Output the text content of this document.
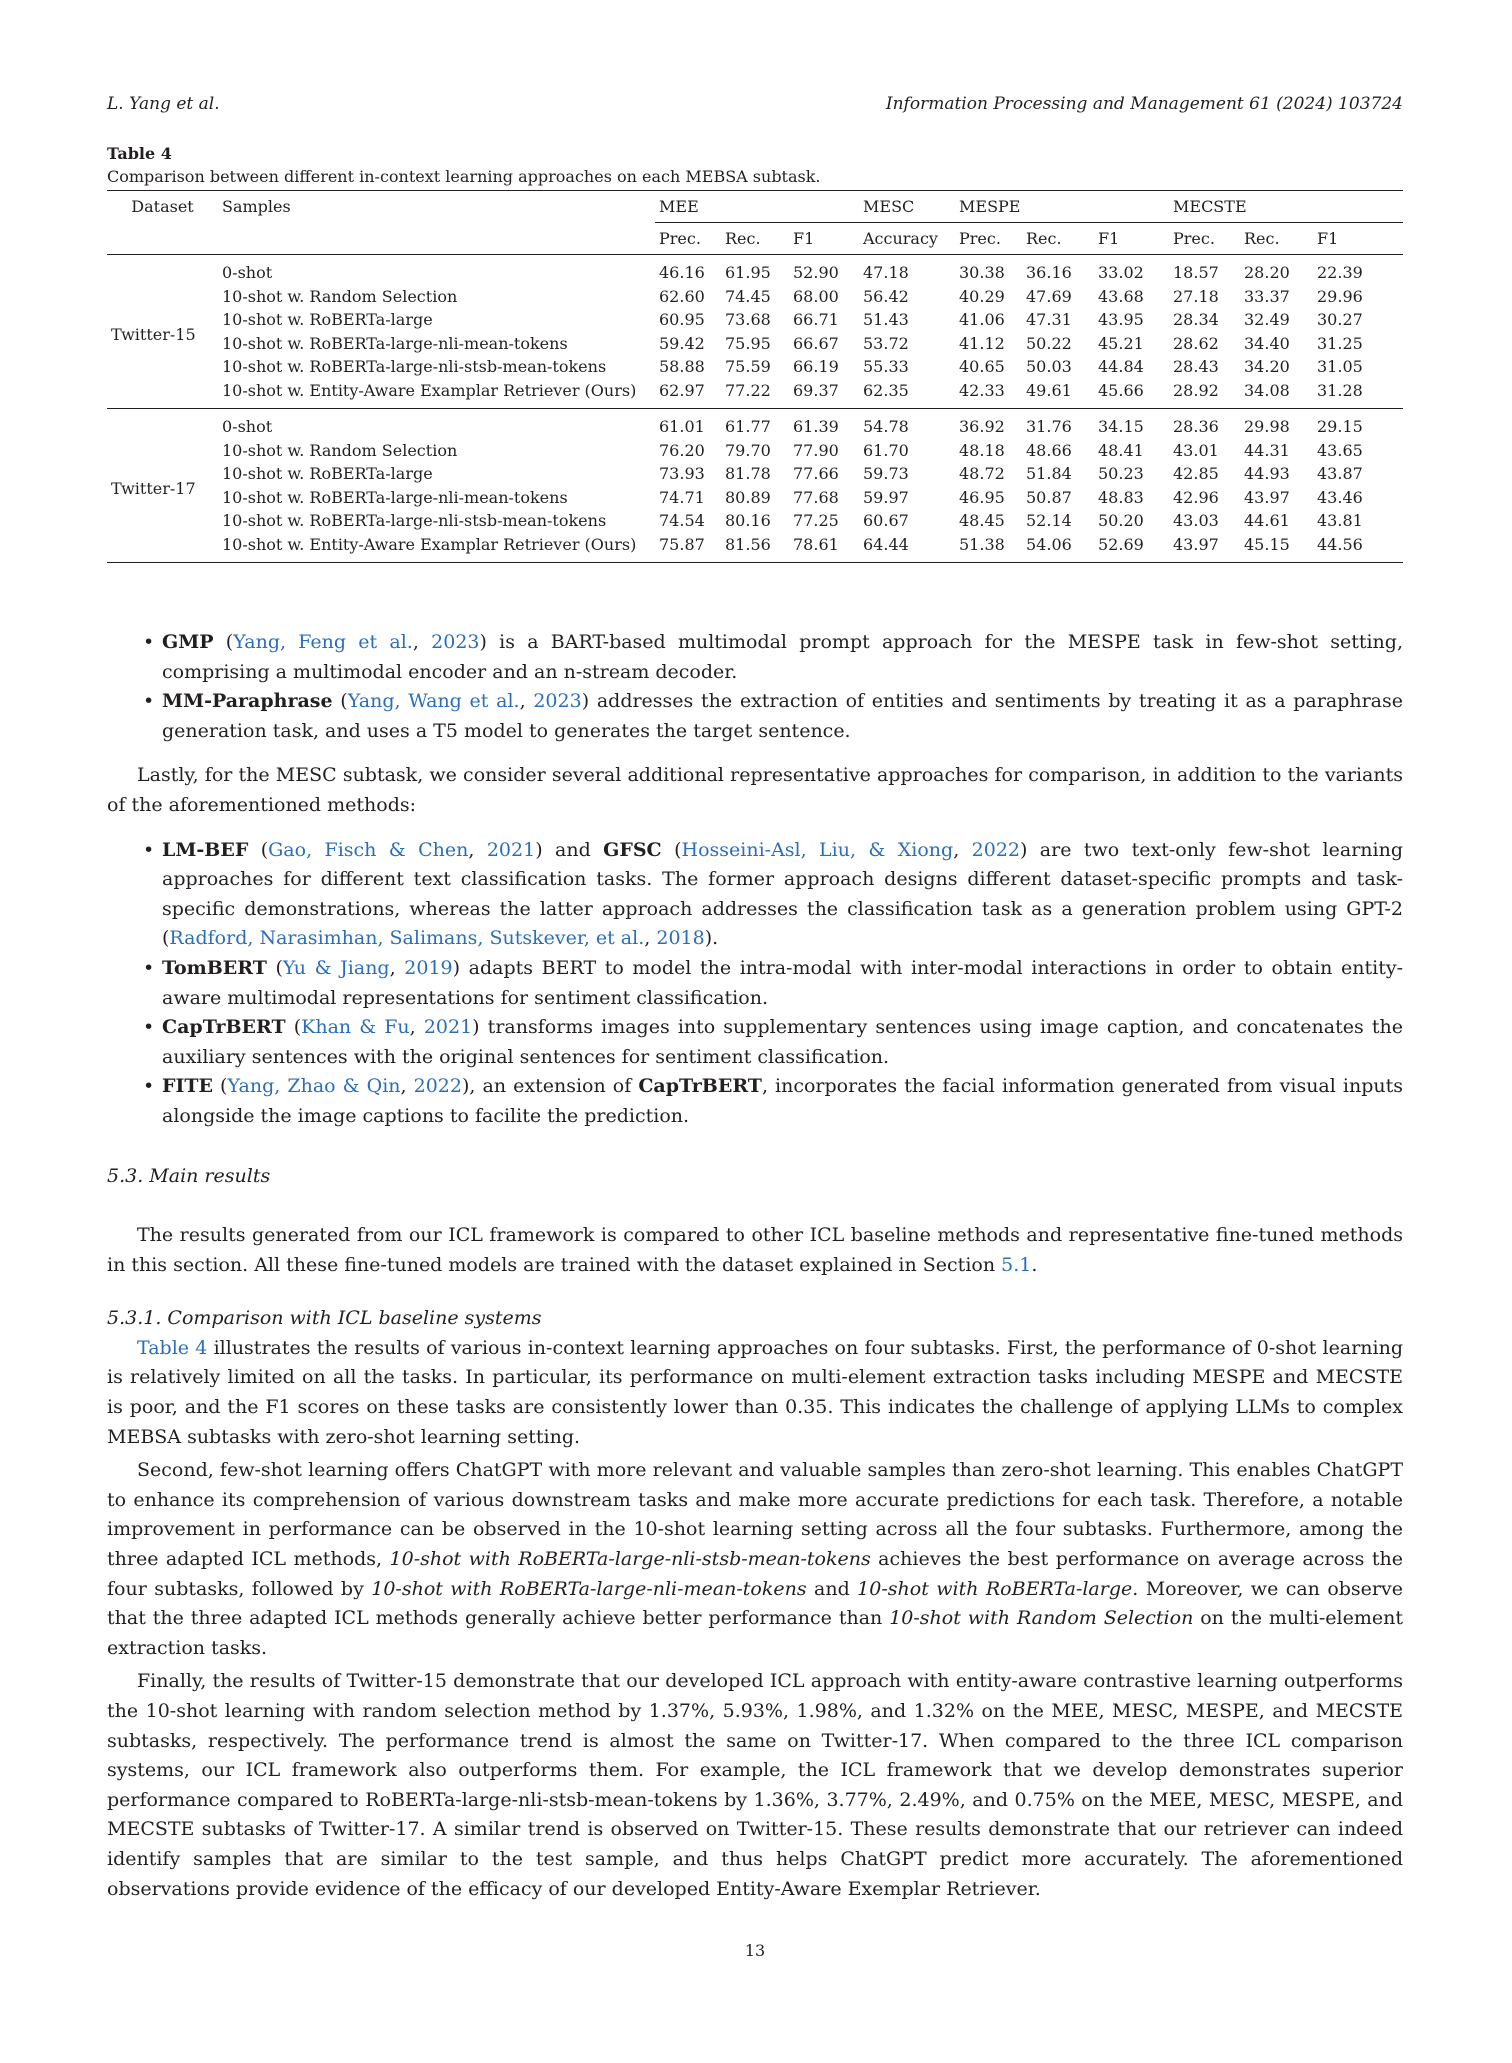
L. Yang et al.	Information Processing and Management 61 (2024) 103724
Table 4
Comparison between different in-context learning approaches on each MEBSA subtask.
Dataset	Samples	MEE			MESC	MESPE			MECSTE		
		Prec.	Rec.	F1	Accuracy	Prec.	Rec.	F1	Prec.	Rec.	F1
Twitter-15	0-shot	46.16	61.95	52.90	47.18	30.38	36.16	33.02	18.57	28.20	22.39
	10-shot w. Random Selection	62.60	74.45	68.00	56.42	40.29	47.69	43.68	27.18	33.37	29.96
	10-shot w. RoBERTa-large	60.95	73.68	66.71	51.43	41.06	47.31	43.95	28.34	32.49	30.27
	10-shot w. RoBERTa-large-nli-mean-tokens	59.42	75.95	66.67	53.72	41.12	50.22	45.21	28.62	34.40	31.25
	10-shot w. RoBERTa-large-nli-stsb-mean-tokens	58.88	75.59	66.19	55.33	40.65	50.03	44.84	28.43	34.20	31.05
	10-shot w. Entity-Aware Examplar Retriever (Ours)	62.97	77.22	69.37	62.35	42.33	49.61	45.66	28.92	34.08	31.28
Twitter-17	0-shot	61.01	61.77	61.39	54.78	36.92	31.76	34.15	28.36	29.98	29.15
	10-shot w. Random Selection	76.20	79.70	77.90	61.70	48.18	48.66	48.41	43.01	44.31	43.65
	10-shot w. RoBERTa-large	73.93	81.78	77.66	59.73	48.72	51.84	50.23	42.85	44.93	43.87
	10-shot w. RoBERTa-large-nli-mean-tokens	74.71	80.89	77.68	59.97	46.95	50.87	48.83	42.96	43.97	43.46
	10-shot w. RoBERTa-large-nli-stsb-mean-tokens	74.54	80.16	77.25	60.67	48.45	52.14	50.20	43.03	44.61	43.81
	10-shot w. Entity-Aware Examplar Retriever (Ours)	75.87	81.56	78.61	64.44	51.38	54.06	52.69	43.97	45.15	44.56
• GMP (Yang, Feng et al., 2023) is a BART-based multimodal prompt approach for the MESPE task in few-shot setting, comprising a multimodal encoder and an n-stream decoder.
• MM-Paraphrase (Yang, Wang et al., 2023) addresses the extraction of entities and sentiments by treating it as a paraphrase generation task, and uses a T5 model to generates the target sentence.

Lastly, for the MESC subtask, we consider several additional representative approaches for comparison, in addition to the variants of the aforementioned methods:

• LM-BEF (Gao, Fisch & Chen, 2021) and GFSC (Hosseini-Asl, Liu, & Xiong, 2022) are two text-only few-shot learning approaches for different text classification tasks. The former approach designs different dataset-specific prompts and task-specific demonstrations, whereas the latter approach addresses the classification task as a generation problem using GPT-2 (Radford, Narasimhan, Salimans, Sutskever, et al., 2018).
• TomBERT (Yu & Jiang, 2019) adapts BERT to model the intra-modal with inter-modal interactions in order to obtain entity-aware multimodal representations for sentiment classification.
• CapTrBERT (Khan & Fu, 2021) transforms images into supplementary sentences using image caption, and concatenates the auxiliary sentences with the original sentences for sentiment classification.
• FITE (Yang, Zhao & Qin, 2022), an extension of CapTrBERT, incorporates the facial information generated from visual inputs alongside the image captions to facilite the prediction.

5.3. Main results

The results generated from our ICL framework is compared to other ICL baseline methods and representative fine-tuned methods in this section. All these fine-tuned models are trained with the dataset explained in Section 5.1.

5.3.1. Comparison with ICL baseline systems

Table 4 illustrates the results of various in-context learning approaches on four subtasks. First, the performance of 0-shot learning is relatively limited on all the tasks. In particular, its performance on multi-element extraction tasks including MESPE and MECSTE is poor, and the F1 scores on these tasks are consistently lower than 0.35. This indicates the challenge of applying LLMs to complex MEBSA subtasks with zero-shot learning setting.

Second, few-shot learning offers ChatGPT with more relevant and valuable samples than zero-shot learning. This enables ChatGPT to enhance its comprehension of various downstream tasks and make more accurate predictions for each task. Therefore, a notable improvement in performance can be observed in the 10-shot learning setting across all the four subtasks. Furthermore, among the three adapted ICL methods, 10-shot with RoBERTa-large-nli-stsb-mean-tokens achieves the best performance on average across the four subtasks, followed by 10-shot with RoBERTa-large-nli-mean-tokens and 10-shot with RoBERTa-large. Moreover, we can observe that the three adapted ICL methods generally achieve better performance than 10-shot with Random Selection on the multi-element extraction tasks.

Finally, the results of Twitter-15 demonstrate that our developed ICL approach with entity-aware contrastive learning outperforms the 10-shot learning with random selection method by 1.37%, 5.93%, 1.98%, and 1.32% on the MEE, MESC, MESPE, and MECSTE subtasks, respectively. The performance trend is almost the same on Twitter-17. When compared to the three ICL comparison systems, our ICL framework also outperforms them. For example, the ICL framework that we develop demonstrates superior performance compared to RoBERTa-large-nli-stsb-mean-tokens by 1.36%, 3.77%, 2.49%, and 0.75% on the MEE, MESC, MESPE, and MECSTE subtasks of Twitter-17. A similar trend is observed on Twitter-15. These results demonstrate that our retriever can indeed identify samples that are similar to the test sample, and thus helps ChatGPT predict more accurately. The aforementioned observations provide evidence of the efficacy of our developed Entity-Aware Exemplar Retriever.

13
